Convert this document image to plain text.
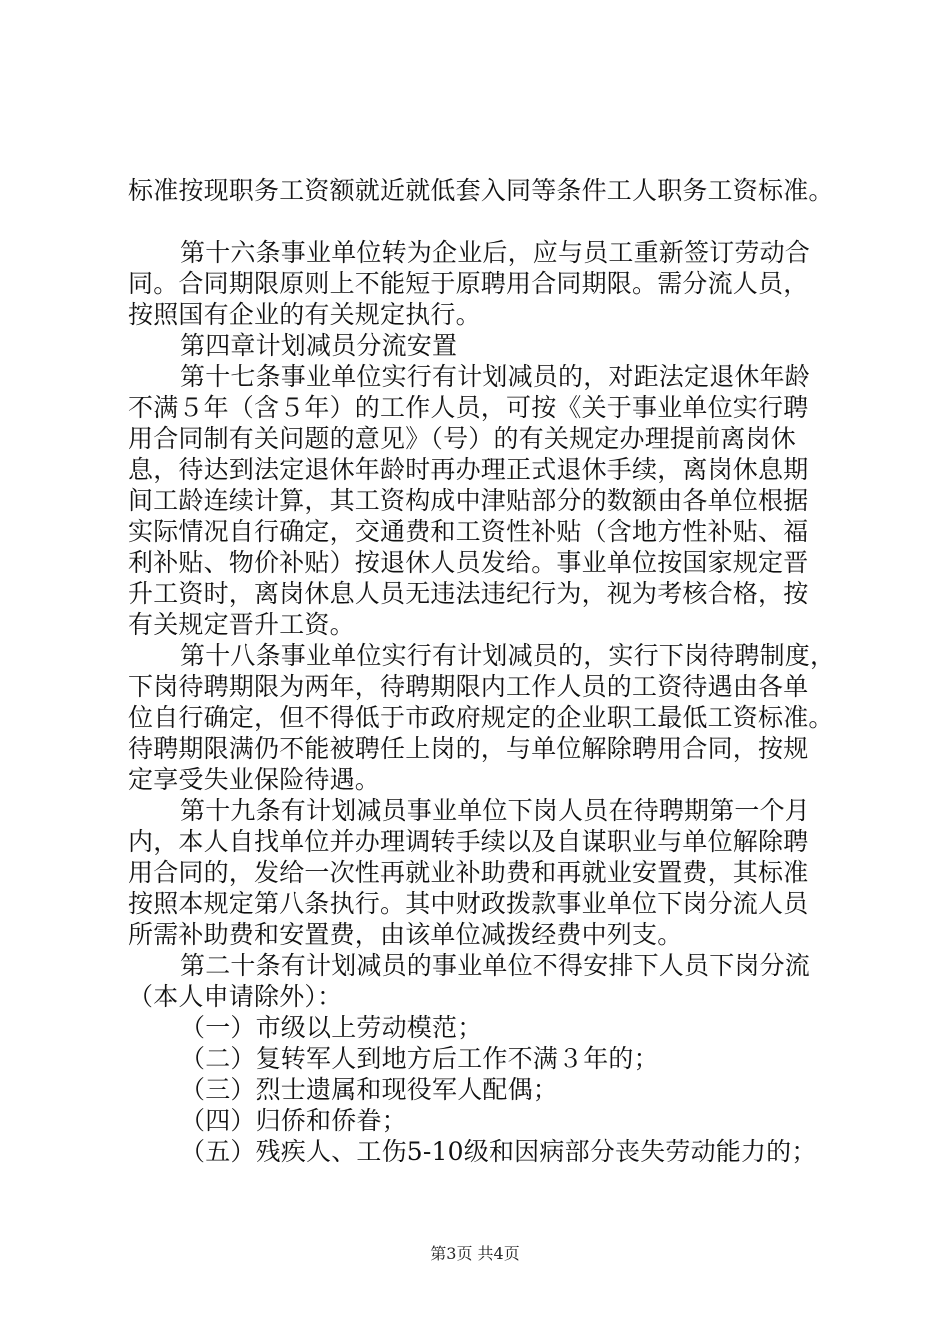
标准按现职务工资额就近就低套入同等条件工人职务工资标准。
第十六条事业单位转为企业后，应与员工重新签订劳动合
同。合同期限原则上不能短于原聘用合同期限。需分流人员，
按照国有企业的有关规定执行。
第四章计划减员分流安置
第十七条事业单位实行有计划减员的，对距法定退休年龄
不满５年（含５年）的工作人员，可按《关于事业单位实行聘
用合同制有关问题的意见》（号）的有关规定办理提前离岗休
息，待达到法定退休年龄时再办理正式退休手续，离岗休息期
间工龄连续计算，其工资构成中津贴部分的数额由各单位根据
实际情况自行确定，交通费和工资性补贴（含地方性补贴、福
利补贴、物价补贴）按退休人员发给。事业单位按国家规定晋
升工资时，离岗休息人员无违法违纪行为，视为考核合格，按
有关规定晋升工资。
第十八条事业单位实行有计划减员的，实行下岗待聘制度，
下岗待聘期限为两年，待聘期限内工作人员的工资待遇由各单
位自行确定，但不得低于市政府规定的企业职工最低工资标准。
待聘期限满仍不能被聘任上岗的，与单位解除聘用合同，按规
定享受失业保险待遇。
第十九条有计划减员事业单位下岗人员在待聘期第一个月
内，本人自找单位并办理调转手续以及自谋职业与单位解除聘
用合同的，发给一次性再就业补助费和再就业安置费，其标准
按照本规定第八条执行。其中财政拨款事业单位下岗分流人员
所需补助费和安置费，由该单位减拨经费中列支。
第二十条有计划减员的事业单位不得安排下人员下岗分流
（本人申请除外）：
（一）市级以上劳动模范；
（二）复转军人到地方后工作不满３年的；
（三）烈士遗属和现役军人配偶；
（四）归侨和侨眷；
（五）残疾人、工伤5-10级和因病部分丧失劳动能力的；
第3页 共4页
